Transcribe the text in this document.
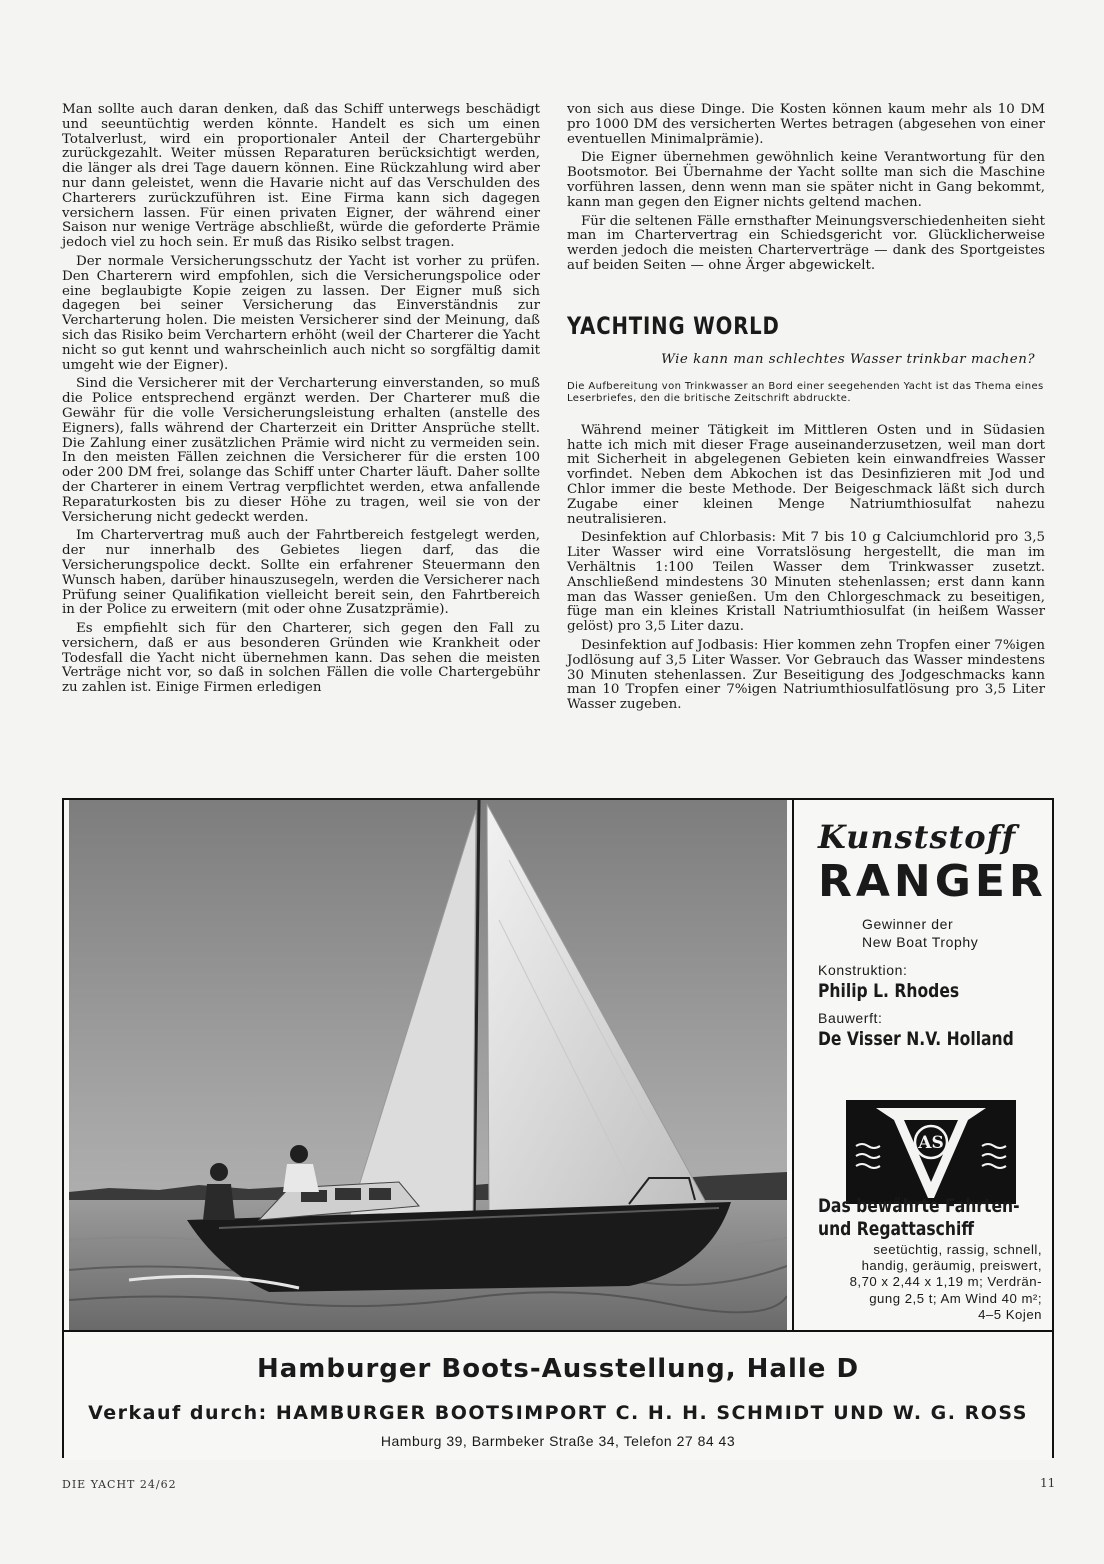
Man sollte auch daran denken, daß das Schiff unterwegs beschädigt und seeuntüchtig werden könnte. Handelt es sich um einen Totalverlust, wird ein proportionaler Anteil der Chartergebühr zurückgezahlt. Weiter müssen Reparaturen berücksichtigt werden, die länger als drei Tage dauern können. Eine Rückzahlung wird aber nur dann geleistet, wenn die Havarie nicht auf das Verschulden des Charterers zurückzuführen ist. Eine Firma kann sich dagegen versichern lassen. Für einen privaten Eigner, der während einer Saison nur wenige Verträge abschließt, würde die geforderte Prämie jedoch viel zu hoch sein. Er muß das Risiko selbst tragen.

Der normale Versicherungsschutz der Yacht ist vorher zu prüfen. Den Charterern wird empfohlen, sich die Versicherungspolice oder eine beglaubigte Kopie zeigen zu lassen. Der Eigner muß sich dagegen bei seiner Versicherung das Einverständnis zur Vercharterung holen. Die meisten Versicherer sind der Meinung, daß sich das Risiko beim Verchartern erhöht (weil der Charterer die Yacht nicht so gut kennt und wahrscheinlich auch nicht so sorgfältig damit umgeht wie der Eigner).

Sind die Versicherer mit der Vercharterung einverstanden, so muß die Police entsprechend ergänzt werden. Der Charterer muß die Gewähr für die volle Versicherungsleistung erhalten (anstelle des Eigners), falls während der Charterzeit ein Dritter Ansprüche stellt. Die Zahlung einer zusätzlichen Prämie wird nicht zu vermeiden sein. In den meisten Fällen zeichnen die Versicherer für die ersten 100 oder 200 DM frei, solange das Schiff unter Charter läuft. Daher sollte der Charterer in einem Vertrag verpflichtet werden, etwa anfallende Reparaturkosten bis zu dieser Höhe zu tragen, weil sie von der Versicherung nicht gedeckt werden.

Im Chartervertrag muß auch der Fahrtbereich festgelegt werden, der nur innerhalb des Gebietes liegen darf, das die Versicherungspolice deckt. Sollte ein erfahrener Steuermann den Wunsch haben, darüber hinauszusegeln, werden die Versicherer nach Prüfung seiner Qualifikation vielleicht bereit sein, den Fahrtbereich in der Police zu erweitern (mit oder ohne Zusatzprämie).

Es empfiehlt sich für den Charterer, sich gegen den Fall zu versichern, daß er aus besonderen Gründen wie Krankheit oder Todesfall die Yacht nicht übernehmen kann. Das sehen die meisten Verträge nicht vor, so daß in solchen Fällen die volle Chartergebühr zu zahlen ist. Einige Firmen erledigen

von sich aus diese Dinge. Die Kosten können kaum mehr als 10 DM pro 1000 DM des versicherten Wertes betragen (abgesehen von einer eventuellen Minimalprämie).

Die Eigner übernehmen gewöhnlich keine Verantwortung für den Bootsmotor. Bei Übernahme der Yacht sollte man sich die Maschine vorführen lassen, denn wenn man sie später nicht in Gang bekommt, kann man gegen den Eigner nichts geltend machen.

Für die seltenen Fälle ernsthafter Meinungsverschiedenheiten sieht man im Chartervertrag ein Schiedsgericht vor. Glücklicherweise werden jedoch die meisten Charterverträge — dank des Sportgeistes auf beiden Seiten — ohne Ärger abgewickelt.

YACHTING WORLD
Wie kann man schlechtes Wasser trinkbar machen?
Die Aufbereitung von Trinkwasser an Bord einer seegehenden Yacht ist das Thema eines Leserbriefes, den die britische Zeitschrift abdruckte.

Während meiner Tätigkeit im Mittleren Osten und in Südasien hatte ich mich mit dieser Frage auseinanderzusetzen, weil man dort mit Sicherheit in abgelegenen Gebieten kein einwandfreies Wasser vorfindet. Neben dem Abkochen ist das Desinfizieren mit Jod und Chlor immer die beste Methode. Der Beigeschmack läßt sich durch Zugabe einer kleinen Menge Natriumthiosulfat nahezu neutralisieren.

Desinfektion auf Chlorbasis: Mit 7 bis 10 g Calciumchlorid pro 3,5 Liter Wasser wird eine Vorratslösung hergestellt, die man im Verhältnis 1:100 Teilen Wasser dem Trinkwasser zusetzt. Anschließend mindestens 30 Minuten stehenlassen; erst dann kann man das Wasser genießen. Um den Chlorgeschmack zu beseitigen, füge man ein kleines Kristall Natriumthiosulfat (in heißem Wasser gelöst) pro 3,5 Liter dazu.

Desinfektion auf Jodbasis: Hier kommen zehn Tropfen einer 7%igen Jodlösung auf 3,5 Liter Wasser. Vor Gebrauch das Wasser mindestens 30 Minuten stehenlassen. Zur Beseitigung des Jodgeschmacks kann man 10 Tropfen einer 7%igen Natriumthiosulfatlösung pro 3,5 Liter Wasser zugeben.

Kunststoff
RANGER
Gewinner der
New Boat Trophy
Konstruktion:
Philip L. Rhodes
Bauwerft:
De Visser N.V. Holland
AS
Das bewährte Fahrten-
und Regattaschiff
seetüchtig, rassig, schnell,
handig, geräumig, preiswert,
8,70 x 2,44 x 1,19 m; Verdrän-
gung 2,5 t; Am Wind 40 m²;
4–5 Kojen
Hamburger Boots-Ausstellung, Halle D
Verkauf durch: HAMBURGER BOOTSIMPORT C. H. H. SCHMIDT UND W. G. ROSS
Hamburg 39, Barmbeker Straße 34, Telefon 27 84 43
DIE YACHT 24/62	11
